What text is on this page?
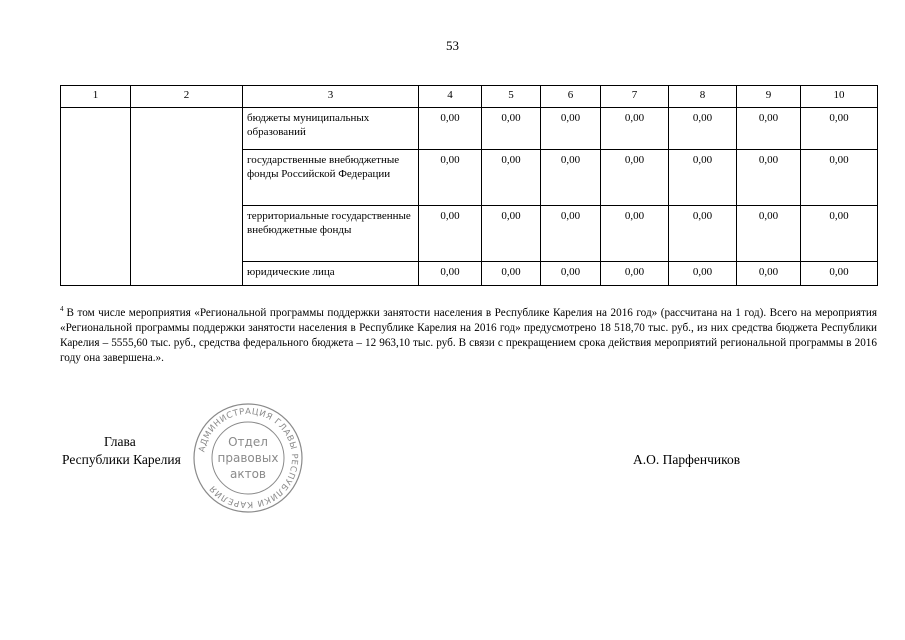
53
1	2	3	4	5	6	7	8	9	10
		бюджеты муниципальных образований	0,00	0,00	0,00	0,00	0,00	0,00	0,00
		государственные внебюджетные фонды Российской Федерации	0,00	0,00	0,00	0,00	0,00	0,00	0,00
		территориальные государственные внебюджетные фонды	0,00	0,00	0,00	0,00	0,00	0,00	0,00
		юридические лица	0,00	0,00	0,00	0,00	0,00	0,00	0,00
$^4$ В том числе мероприятия «Региональной программы поддержки занятости населения в Республике Карелия на 2016 год» (рассчитана на 1 год). Всего на мероприятия «Региональной программы поддержки занятости населения в Республике Карелия на 2016 год» предусмотрено 18 518,70 тыс. руб., из них средства бюджета Республики Карелия – 5555,60 тыс. руб., средства федерального бюджета – 12 963,10 тыс. руб. В связи с прекращением срока действия мероприятий региональной программы в 2016 году она завершена.».
Глава
Республики Карелия	А.О. Парфенчиков
АДМИНИСТРАЦИЯ ГЛАВЫ РЕСПУБЛИКИ КАРЕЛИЯ
Отдел
правовых
актов
